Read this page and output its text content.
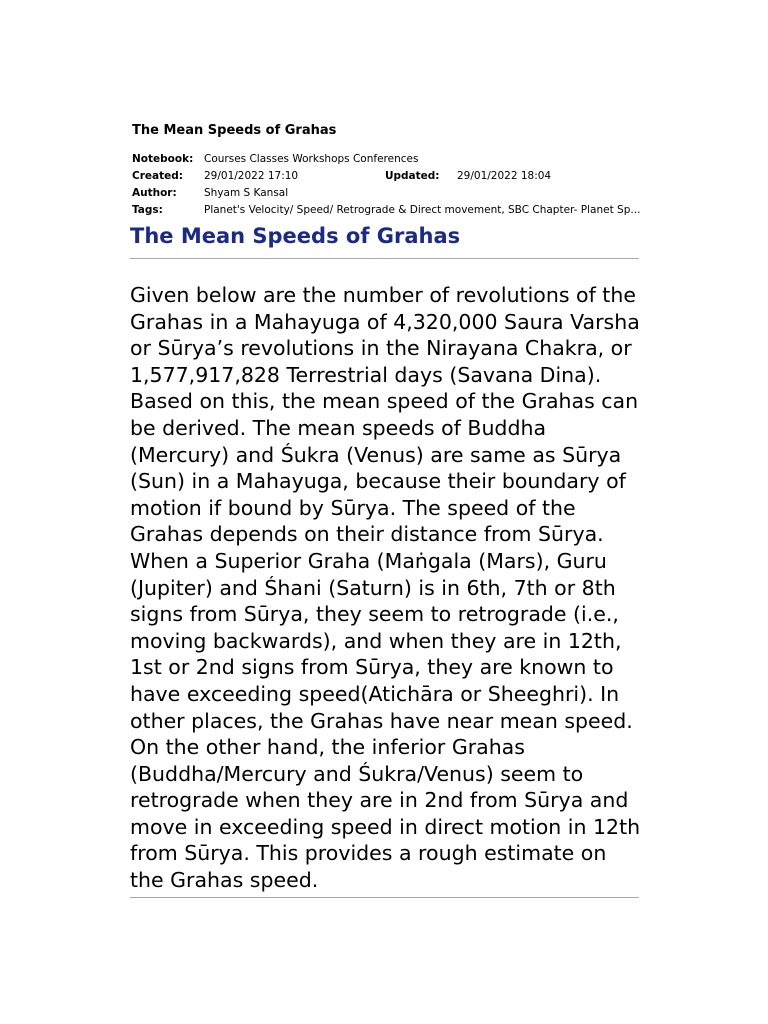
The Mean Speeds of Grahas
Notebook: Courses Classes Workshops Conferences
Created: 29/01/2022 17:10	Updated: 29/01/2022 18:04
Author:	Shyam S Kansal
Tags:	Planet's Velocity/ Speed/ Retrograde & Direct movement, SBC Chapter- Planet Sp...
The Mean Speeds of Grahas

Given below are the number of revolutions of the Grahas in a Mahayuga of 4,320,000 Saura Varsha or Sūrya’s revolutions in the Nirayana Chakra, or 1,577,917,828 Terrestrial days (Savana Dina). Based on this, the mean speed of the Grahas can be derived. The mean speeds of Buddha (Mercury) and Śukra (Venus) are same as Sūrya (Sun) in a Mahayuga, because their boundary of motion if bound by Sūrya. The speed of the Grahas depends on their distance from Sūrya. When a Superior Graha (Maṅgala (Mars), Guru (Jupiter) and Śhani (Saturn) is in 6th, 7th or 8th signs from Sūrya, they seem to retrograde (i.e., moving backwards), and when they are in 12th, 1st or 2nd signs from Sūrya, they are known to have exceeding speed(Atichāra or Sheeghri). In other places, the Grahas have near mean speed. On the other hand, the inferior Grahas (Buddha/Mercury and Śukra/Venus) seem to retrograde when they are in 2nd from Sūrya and move in exceeding speed in direct motion in 12th from Sūrya. This provides a rough estimate on the Grahas speed.
